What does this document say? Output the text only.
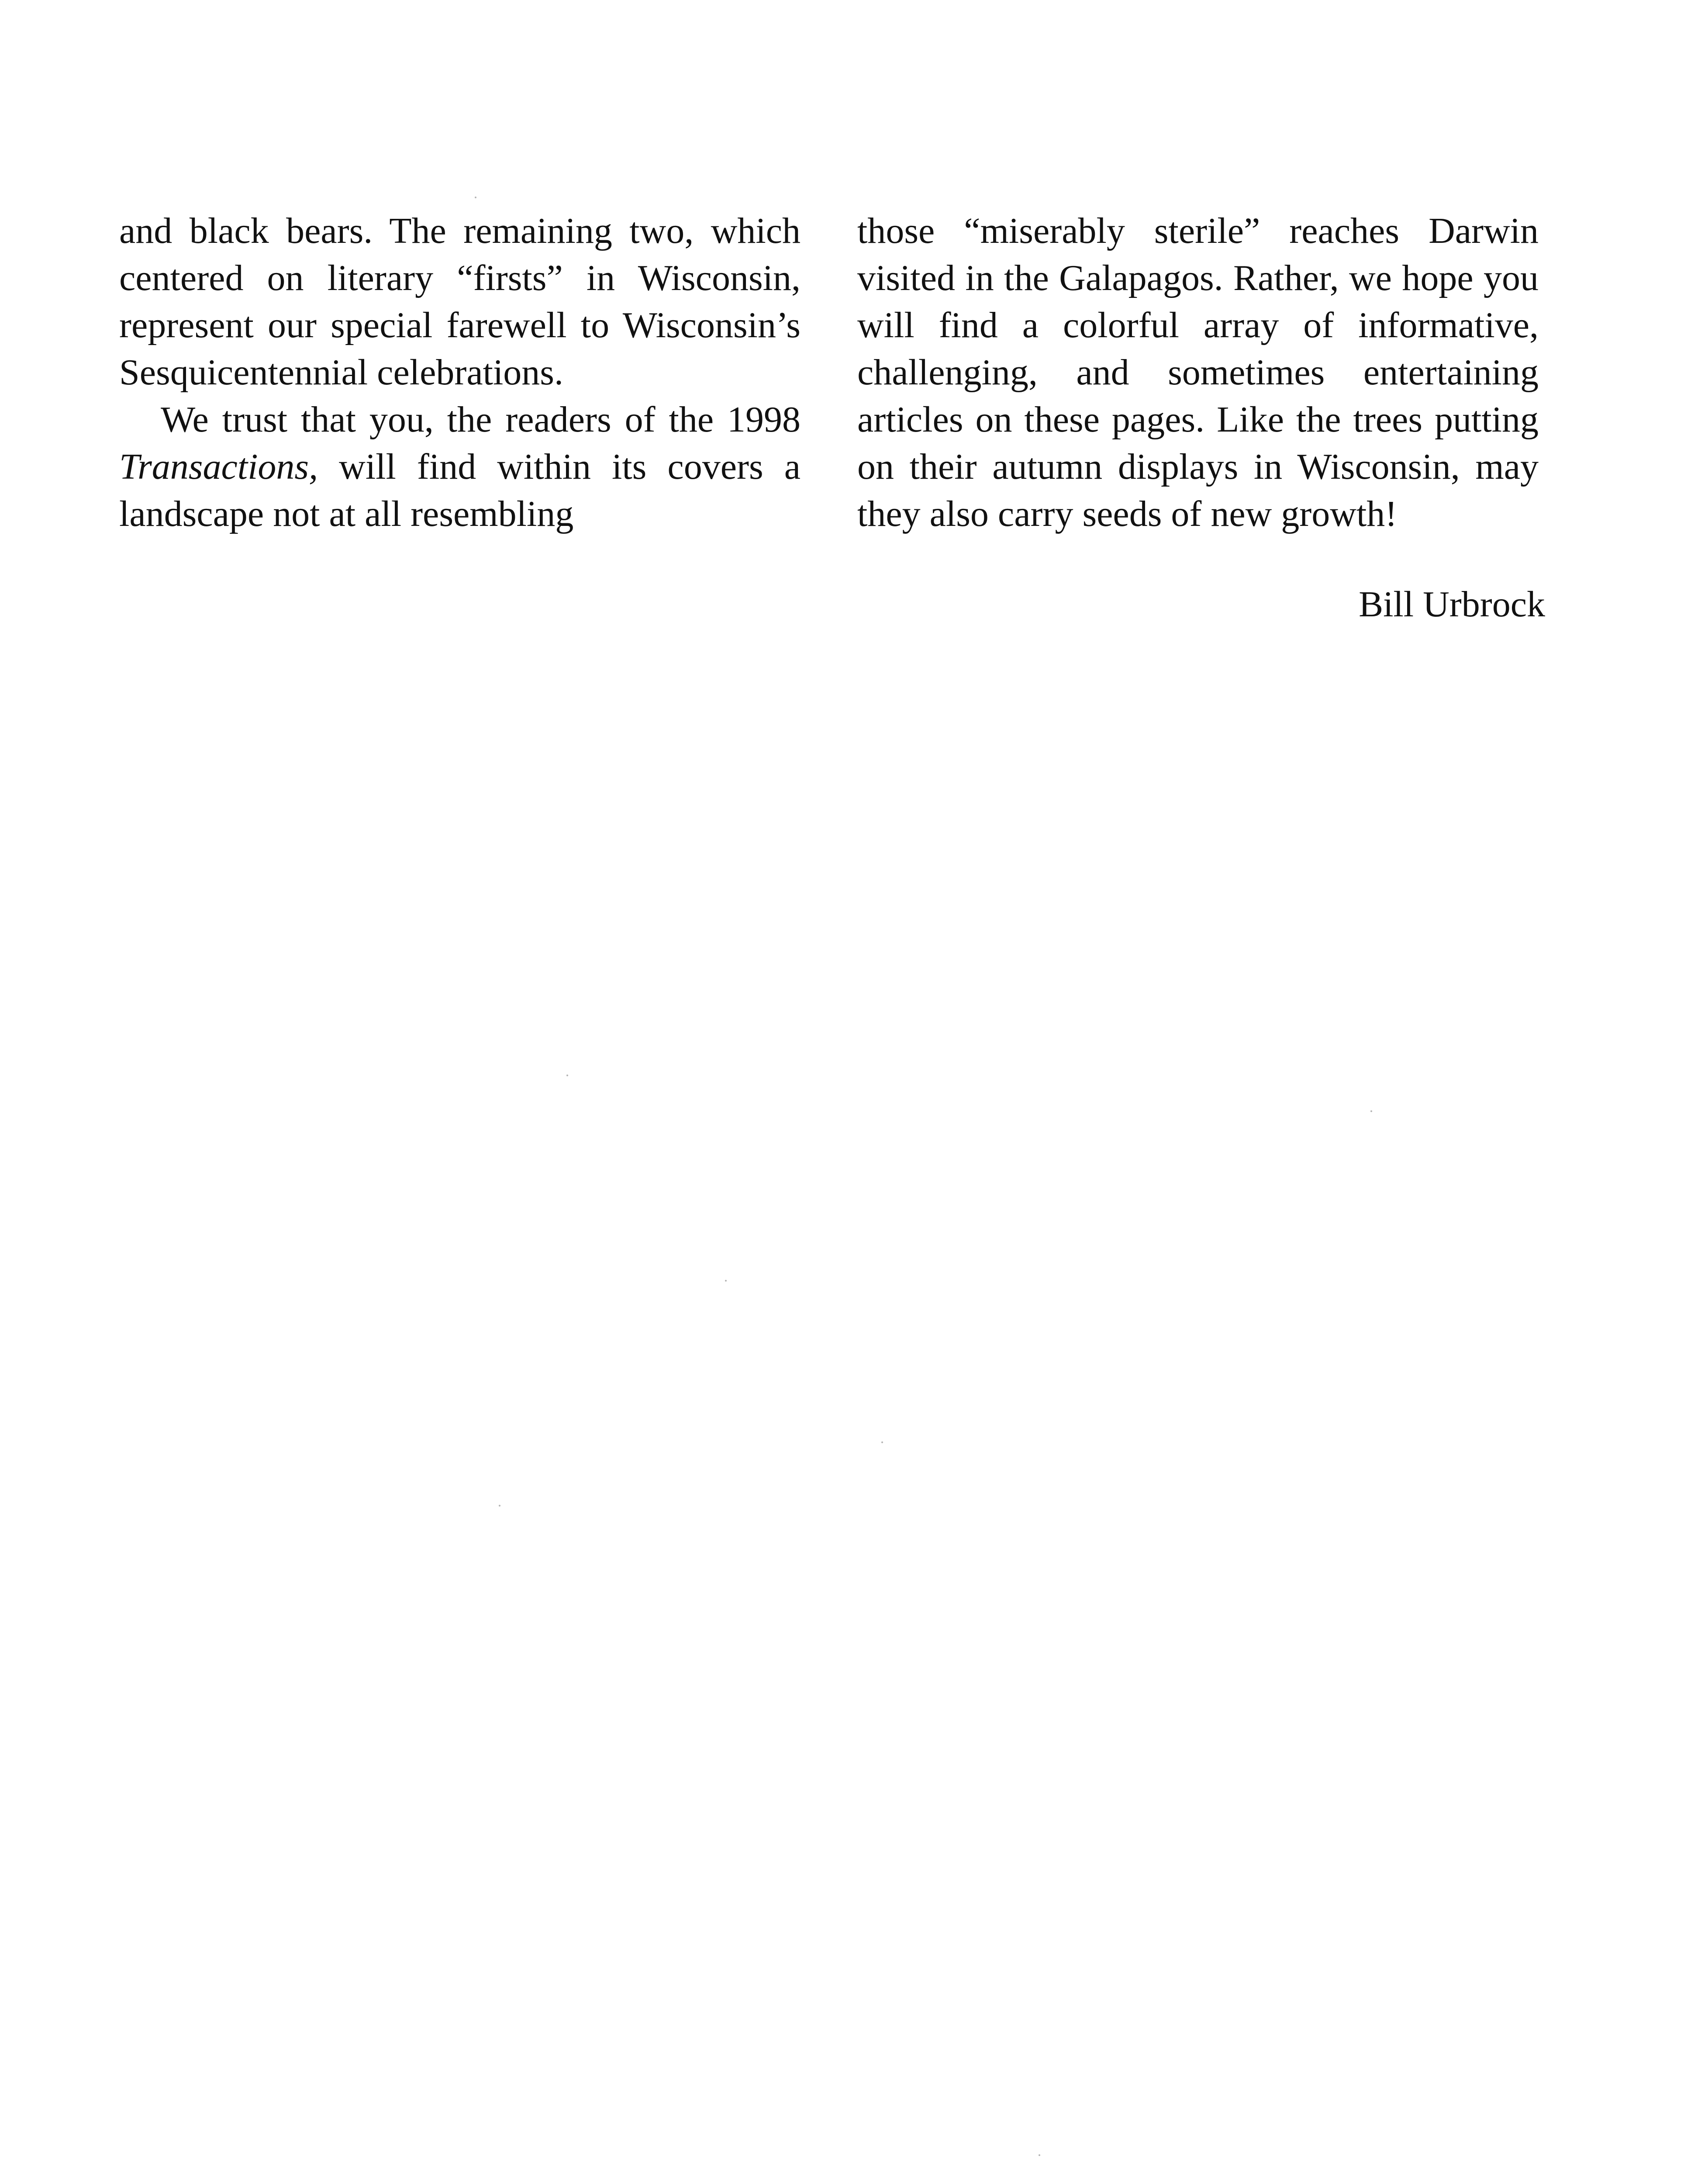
and black bears. The remaining two, which centered on literary “firsts” in Wisconsin, represent our special farewell to Wisconsin’s Sesquicentennial celebrations.

We trust that you, the readers of the 1998 Transactions, will find within its covers a landscape not at all resembling

those “miserably sterile” reaches Darwin visited in the Galapagos. Rather, we hope you will find a colorful array of informative, challenging, and sometimes entertaining articles on these pages. Like the trees putting on their autumn displays in Wisconsin, may they also carry seeds of new growth!

Bill Urbrock
